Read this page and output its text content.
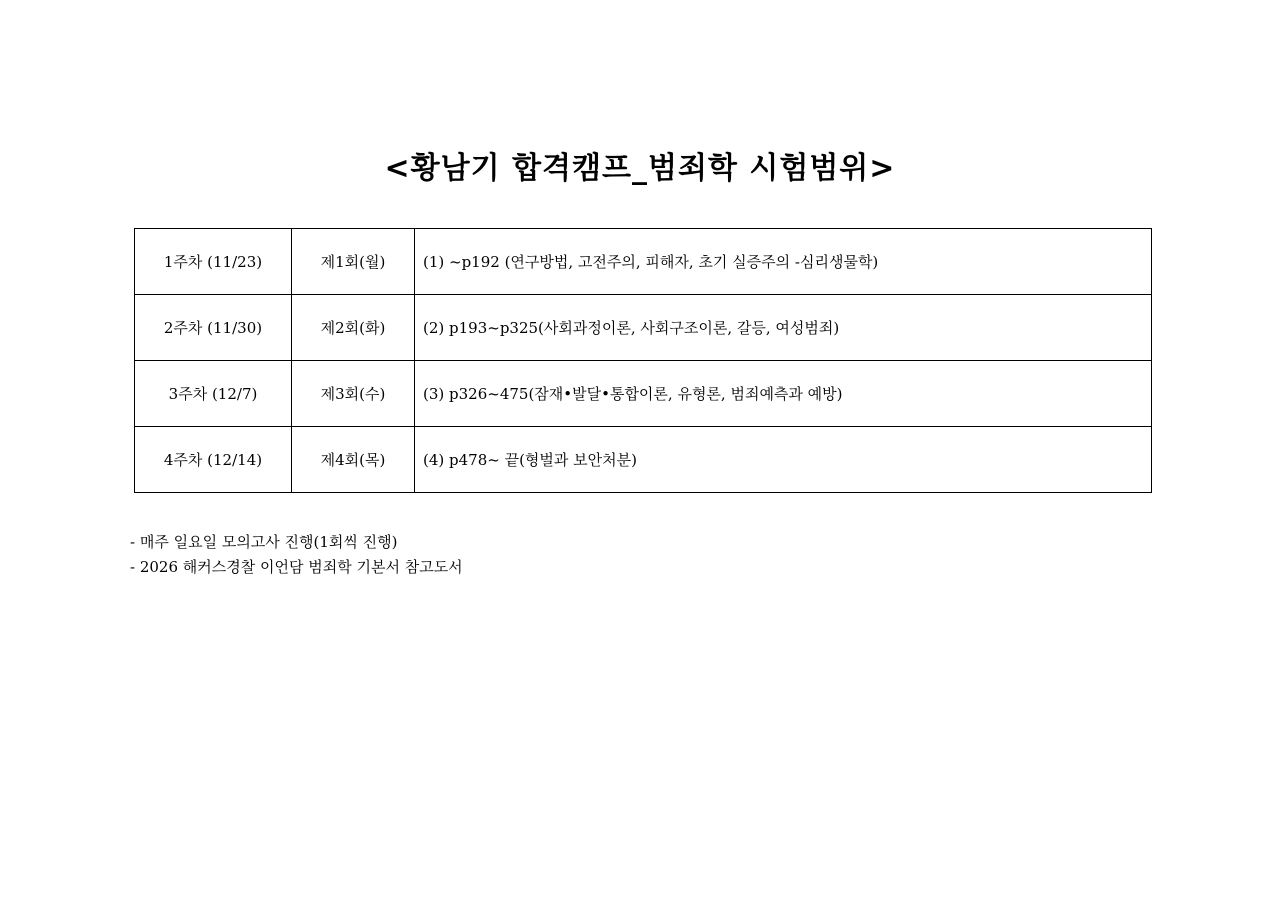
<황남기 합격캠프_범죄학 시험범위>
1주차 (11/23)	제1회(월)	(1) ~p192 (연구방법, 고전주의, 피해자, 초기 실증주의 -심리생물학)
2주차 (11/30)	제2회(화)	(2) p193~p325(사회과정이론, 사회구조이론, 갈등, 여성범죄)
3주차 (12/7)	제3회(수)	(3) p326~475(잠재•발달•통합이론, 유형론, 범죄예측과 예방)
4주차 (12/14)	제4회(목)	(4) p478~ 끝(형벌과 보안처분)
- 매주 일요일 모의고사 진행(1회씩 진행)
- 2026 해커스경찰 이언담 범죄학 기본서 참고도서
